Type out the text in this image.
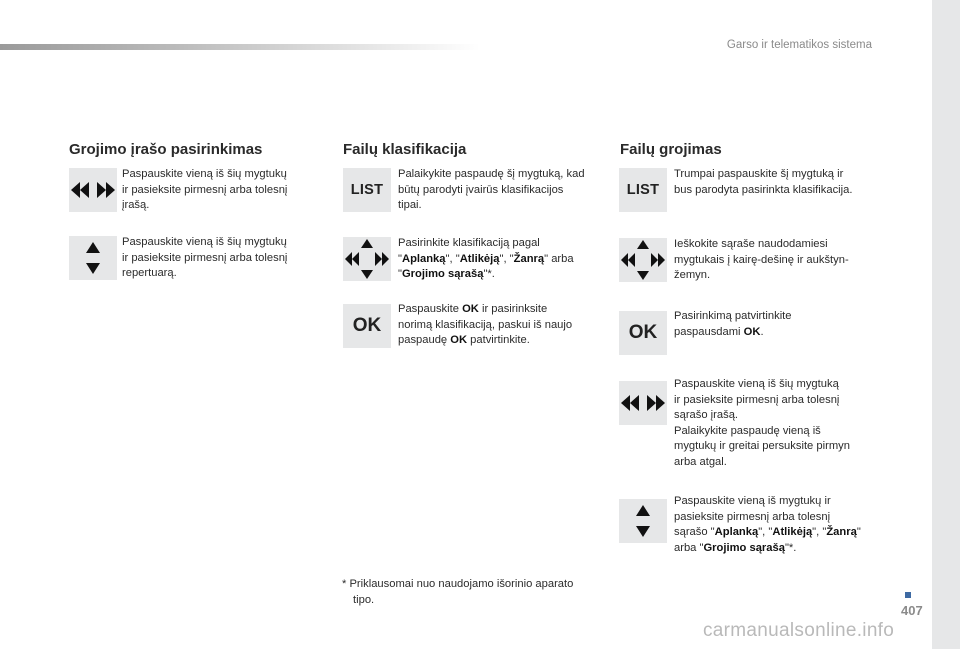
Garso ir telematikos sistema
Grojimo įrašo pasirinkimas	Failų klasifikacija	Failų grojimas
Paspauskite vieną iš šių mygtukų
ir pasieksite pirmesnį arba tolesnį
įrašą.
Paspauskite vieną iš šių mygtukų
ir pasieksite pirmesnį arba tolesnį
repertuarą.
LIST
Palaikykite paspaudę šį mygtuką, kad
būtų parodyti įvairūs klasifikacijos
tipai.
Pasirinkite klasifikaciją pagal
"Aplanką", "Atlikėją", "Žanrą" arba
"Grojimo sąrašą"*.
OK
Paspauskite OK ir pasirinksite
norimą klasifikaciją, paskui iš naujo
paspaudę OK patvirtinkite.
LIST
Trumpai paspauskite šį mygtuką ir
bus parodyta pasirinkta klasifikacija.
Ieškokite sąraše naudodamiesi
mygtukais į kairę-dešinę ir aukštyn-
žemyn.
OK
Pasirinkimą patvirtinkite
paspausdami OK.
Paspauskite vieną iš šių mygtuką
ir pasieksite pirmesnį arba tolesnį
sąrašo įrašą.
Palaikykite paspaudę vieną iš
mygtukų ir greitai persuksite pirmyn
arba atgal.
Paspauskite vieną iš mygtukų ir
pasieksite pirmesnį arba tolesnį
sąrašo "Aplanką", "Atlikėją", "Žanrą"
arba "Grojimo sąrašą"*.
* Priklausomai nuo naudojamo išorinio aparato
tipo.
407
carmanualsonline.info
